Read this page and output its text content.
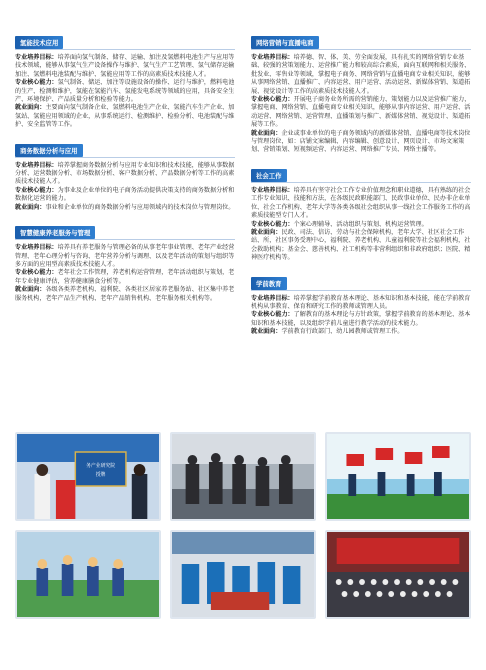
氢能技术应用

专业培养目标：培养面向氢气制备、储存、运输、加注及氢燃料电池生产与应用等技术领域，能够从事氢气生产设备操作与维护、氢气生产工艺管理、氢气储存运输加注、氢燃料电池装配与维护、氢能应用等工作的高素质技术技能人才。

专业核心能力：氢气制备、储运、加注等设施设备的操作、运行与维护，燃料电池的生产、检测和维护，氢能在氢能汽车、氢能发电系统等领域的应用，具备安全生产、环境保护、产品质量分析和检验等能力。

就业面向：主要面向氢气制备企业、氢燃料电池生产企业、氢能汽车生产企业、加氢站、氢能应用领域的企业，从事系统运行、检测维护、检验分析、电池装配与维护、安全监管等工作。

商务数据分析与应用

专业培养目标：培养掌握商务数据分析与应用专业知识和技术技能，能够从事数据分析、运营数据分析、市场数据分析、客户数据分析、产品数据分析等工作的高素质技术技能人才。

专业核心能力：为事业及企业单位的电子商务活动提供决策支持的商务数据分析和数据化运营的能力。

就业面向：事业和企业单位的商务数据分析与应用领域内的技术岗位与管理岗位。

智慧健康养老服务与管理

专业培养目标：培养具有养老服务与管理必备的从事老年事业管理、老年产业经营管理、老年心理分析与咨询、老年营养分析与调理、以及老年活动的策划与组织等多方面的应用型高素质技术技能人才。

专业核心能力：老年社会工作管理，养老机构运营管理，老年活动组织与策划，老年专业健康评估，营养健康膳食分析等。

就业面向：各级各类养老机构、福利院、各类社区居家养老服务站、社区集中养老服务机构，老年产品生产机构、老年产品销售机构、老年服务相关机构等。

网络营销与直播电商

专业培养目标：培养德、智、体、美、劳全面发展，具有扎实的网络营销专业基础、较强的营策划能力、运营推广能力和较高综合素质，面向互联网和相关服务、批发业、零售业等领域，掌握电子商务、网络营销与直播电商专业相关知识，能够从事网络营销、直播推广、内容运营、用户运营、活动运营、新媒体营销、渠道拓展、视觉设计等工作的高素质技术技能人才。

专业核心能力：开展电子商务业务所需的营销能力、策划能力以及运营推广能力，掌握电商、网络营销、直播电商专业相关知识，能够从事内容运营、用户运营、活动运营、网络营销、运营管理、直播策划与推广、新媒体营销、视觉设计、渠道拓展等工作。

就业面向：企业或事业单位的电子商务领域内的新媒体营销、直播电商等技术岗位与管理岗位，如：店铺文案编辑、内容编辑、创意设计、网页设计、市场文案策划、营销策划、短视频运营、内容运营、网络推广专员、网络主播等。

社会工作

专业培养目标：培养具有坚守社会工作专业价值理念和职业道德，具有熟练的社会工作专业知识、技能和方法，在各级民政职能部门、民政事业单位、民办非企业单位、社会工作机构、老年大学等各类各级社会组织从事一线社会工作服务工作的高素质技能型专门人才。

专业核心能力：个案心理辅导、活动组织与策划、机构运营管理。

就业面向：民政、司法、信访、劳动与社会保障机构，老年大学、社区社会工作站、所，社区事务受理中心，福利院、养老机构、儿童福利院等社会福利机构，社会救助机构；基金会、慈善机构、社工机构等非营利组织和非政府组织；医院、精神医疗机构等。

学前教育

专业培养目标：培养掌握学前教育基本理论、基本知识和基本技能，能在学前教育机构从事教育、保育和研究工作的教师或管理人员。

专业核心能力：了解教育的基本理论与方针政策，掌握学前教育的基本理论、基本知识和基本技能，以及组织学前儿童进行教学活动的技术能力。

就业面向：学前教育行政部门、幼儿园教师或管理工作。

务产业研究院
授牌
